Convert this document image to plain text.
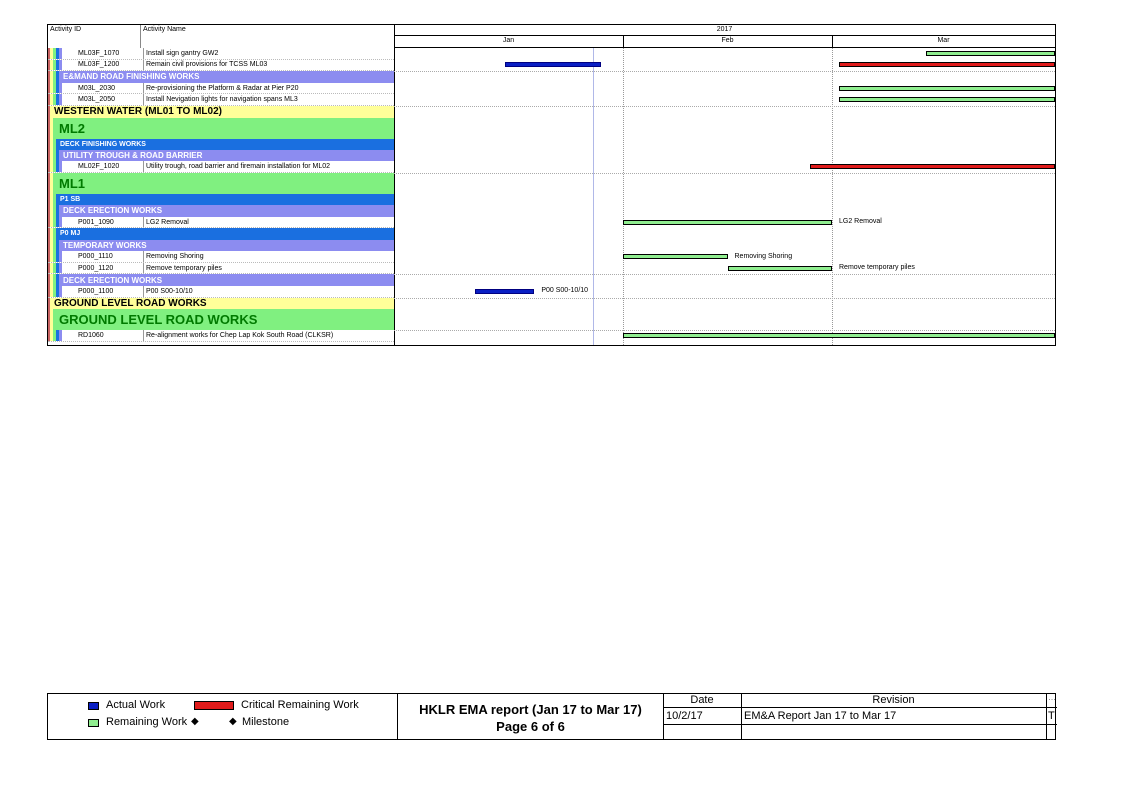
Activity ID	Activity Name
ML03F_1070	Install sign gantry GW2
ML03F_1200	Remain civil provisions for TCSS ML03
E&MAND ROAD FINISHING WORKS
M03L_2030	Re-provisioning the Platform & Radar at Pier P20
M03L_2050	Install Nevigation lights for navigation spans ML3
WESTERN WATER (ML01 TO ML02)
ML2
DECK FINISHING WORKS
UTILITY TROUGH & ROAD BARRIER
ML02F_1020	Utility trough, road barrier and firemain installation for ML02
ML1
P1 SB
DECK ERECTION WORKS
P001_1090	LG2 Removal
P0 MJ
TEMPORARY WORKS
P000_1110	Removing Shoring
P000_1120	Remove temporary piles
DECK ERECTION WORKS
P000_1100	P00 S00-10/10
GROUND LEVEL ROAD WORKS
GROUND LEVEL ROAD WORKS
RD1060	Re-alignment works for Chep Lap Kok South Road (CLKSR)
2017
Jan	Feb	Mar
LG2 Removal
Removing Shoring
Remove temporary piles
P00 S00-10/10
Actual Work	Critical Remaining Work
Remaining Work ◆	◆ Milestone
HKLR EMA report (Jan 17 to Mar 17)
Page 6 of 6
Date	Revision	…
10/2/17	EM&A Report Jan 17 to Mar 17	T
